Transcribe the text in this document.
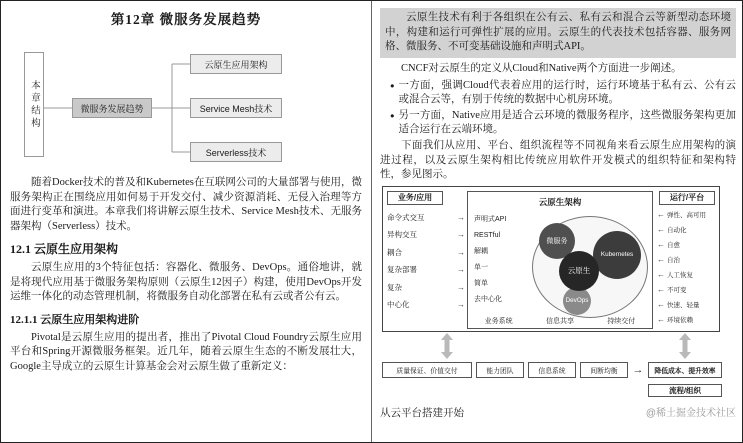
第12章 微服务发展趋势
本章结构	微服务发展趋势
云原生应用架构
Service Mesh技术
Serverless技术

随着Docker技术的普及和Kubernetes在互联网公司的大量部署与使用，微服务架构正在围绕应用如何易于开发交付、减少资源消耗、无侵入治理等方面进行变革和演进。本章我们将讲解云原生技术、Service Mesh技术、无服务器架构（Serverless）技术。

12.1 云原生应用架构

云原生应用的3个特征包括：容器化、微服务、DevOps。通俗地讲，就是将现代应用基于微服务架构原则（云原生12因子）构建，使用DevOps开发运维一体化的动态管理机制，将微服务自动化部署在私有云或者公有云。

12.1.1 云原生应用架构进阶

Pivotal是云原生应用的提出者，推出了Pivotal Cloud Foundry云原生应用平台和Spring开源微服务框架。近几年，随着云原生生态的不断发展壮大，Google主导成立的云原生计算基金会对云原生做了重新定义：

云原生技术有利于各组织在公有云、私有云和混合云等新型动态环境中，构建和运行可弹性扩展的应用。云原生的代表技术包括容器、服务网格、微服务、不可变基础设施和声明式API。

CNCF对云原生的定义从Cloud和Native两个方面进一步阐述。

● 一方面，强调Cloud代表着应用的运行时，运行环境基于私有云、公有云或混合云等，有别于传统的数据中心机房环境。
● 另一方面，Native应用是适合云环境的微服务程序，这些微服务架构更加适合运行在云端环境。

下面我们从应用、平台、组织流程等不同视角来看云原生应用架构的演进过程，以及云原生架构相比传统应用软件开发模式的组织特征和架构特性，参见图示。

业务/应用	运行/平台
命令式交互	→
异构交互	→
耦合	→
复杂部署	→
复杂	→
中心化	→
云原生架构
声明式API
RESTful
解耦
单一
简单
去中心化
微服务
Kubernetes
云原生
DevOps
业务系统	信息共享	持续交付
← 弹性、高可用
← 自动化
← 自愈
← 自治
← 人工恢复
← 不可变
← 快速、轻量
← 环境依赖
质量保证、价值交付	能力团队	信息系统	间断均衡	→	降低成本、提升效率
流程/组织
从云平台搭建开始	@稀土掘金技术社区
